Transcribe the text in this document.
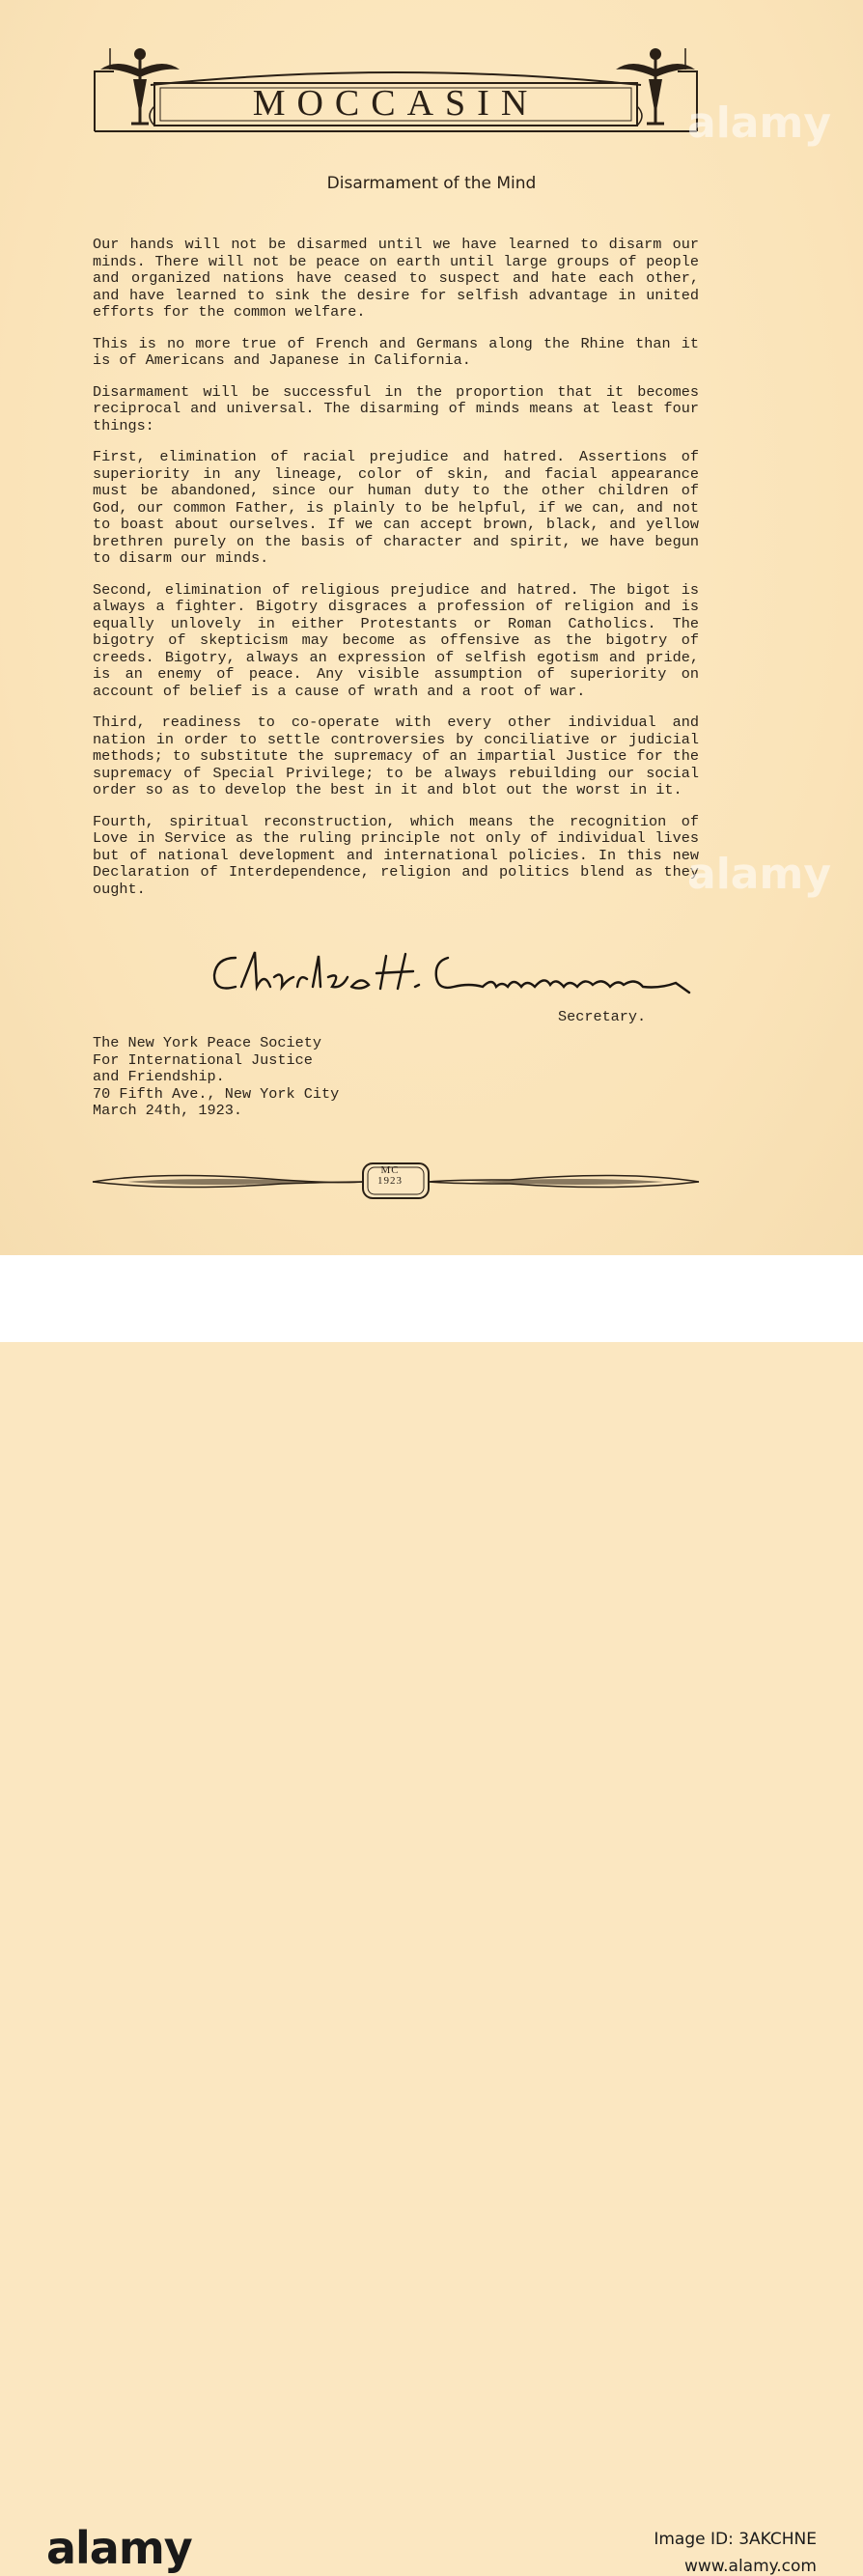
MOCCASIN
Disarmament of the Mind

Our hands will not be disarmed until we have learned to disarm our minds. There will not be peace on earth until large groups of people and organized nations have ceased to suspect and hate each other, and have learned to sink the desire for selfish advantage in united efforts for the common welfare.

This is no more true of French and Germans along the Rhine than it is of Americans and Japanese in California.

Disarmament will be successful in the proportion that it becomes reciprocal and universal. The disarming of minds means at least four things:

First, elimination of racial prejudice and hatred. Assertions of superiority in any lineage, color of skin, and facial appearance must be abandoned, since our human duty to the other children of God, our common Father, is plainly to be helpful, if we can, and not to boast about ourselves. If we can accept brown, black, and yellow brethren purely on the basis of character and spirit, we have begun to disarm our minds.

Second, elimination of religious prejudice and hatred. The bigot is always a fighter. Bigotry disgraces a profession of religion and is equally unlovely in either Protestants or Roman Catholics. The bigotry of skepticism may become as offensive as the bigotry of creeds. Bigotry, always an expression of selfish egotism and pride, is an enemy of peace. Any visible assumption of superiority on account of belief is a cause of wrath and a root of war.

Third, readiness to co-operate with every other individual and nation in order to settle controversies by conciliative or judicial methods; to substitute the supremacy of an impartial Justice for the supremacy of Special Privilege; to be always rebuilding our social order so as to develop the best in it and blot out the worst in it.

Fourth, spiritual reconstruction, which means the recognition of Love in Service as the ruling principle not only of individual lives but of national development and international policies. In this new Declaration of Interdependence, religion and politics blend as they ought.

Secretary.
The New York Peace Society
For International Justice
and Friendship.
70 Fifth Ave., New York City
March 24th, 1923.
MC
1923
alamy
alamy
alamy	Image ID: 3AKCHNE
www.alamy.com
